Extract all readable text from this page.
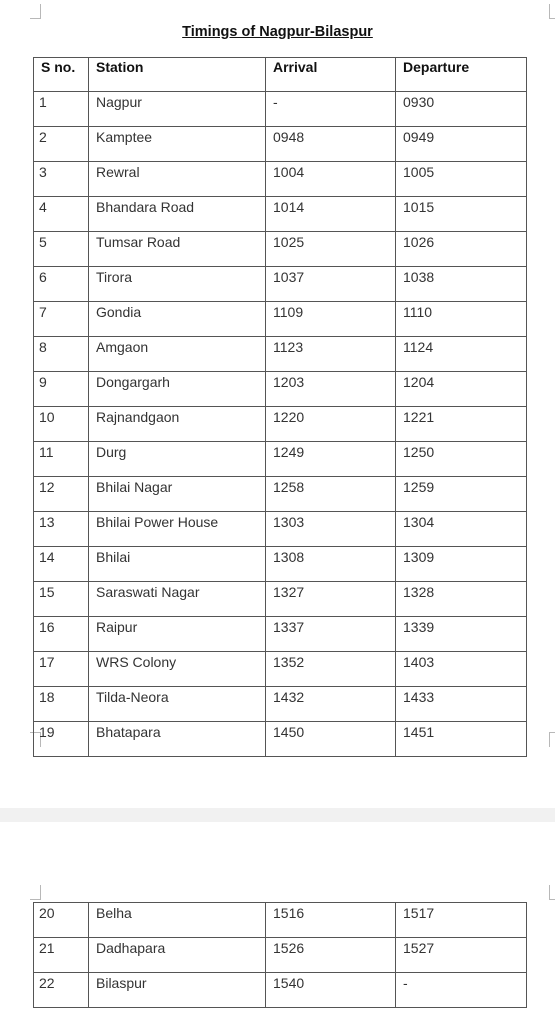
Timings of Nagpur-Bilaspur
S no.	Station	Arrival	Departure
1	Nagpur	-	0930
2	Kamptee	0948	0949
3	Rewral	1004	1005
4	Bhandara Road	1014	1015
5	Tumsar Road	1025	1026
6	Tirora	1037	1038
7	Gondia	1109	1110
8	Amgaon	1123	1124
9	Dongargarh	1203	1204
10	Rajnandgaon	1220	1221
11	Durg	1249	1250
12	Bhilai Nagar	1258	1259
13	Bhilai Power House	1303	1304
14	Bhilai	1308	1309
15	Saraswati Nagar	1327	1328
16	Raipur	1337	1339
17	WRS Colony	1352	1403
18	Tilda-Neora	1432	1433
19	Bhatapara	1450	1451
20	Belha	1516	1517
21	Dadhapara	1526	1527
22	Bilaspur	1540	-
